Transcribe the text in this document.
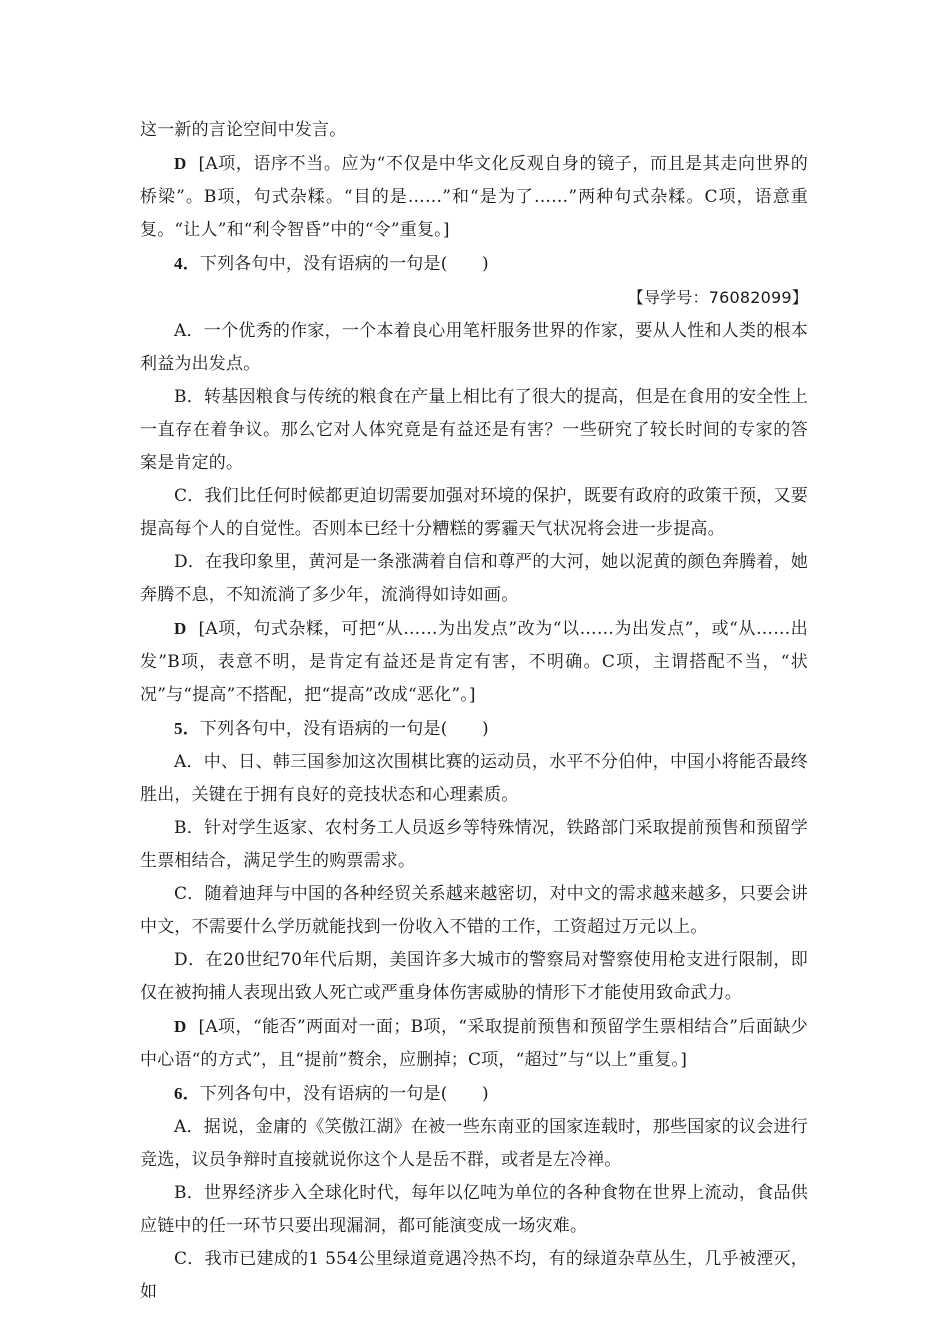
这一新的言论空间中发言。

D [A项，语序不当。应为“不仅是中华文化反观自身的镜子，而且是其走向世界的桥梁”。B项，句式杂糅。“目的是……”和“是为了……”两种句式杂糅。C项，语意重复。“让人”和“利令智昏”中的“令”重复。]

4．下列各句中，没有语病的一句是(　　)

【导学号：76082099】

A．一个优秀的作家，一个本着良心用笔杆服务世界的作家，要从人性和人类的根本利益为出发点。

B．转基因粮食与传统的粮食在产量上相比有了很大的提高，但是在食用的安全性上一直存在着争议。那么它对人体究竟是有益还是有害？一些研究了较长时间的专家的答案是肯定的。

C．我们比任何时候都更迫切需要加强对环境的保护，既要有政府的政策干预，又要提高每个人的自觉性。否则本已经十分糟糕的雾霾天气状况将会进一步提高。

D．在我印象里，黄河是一条涨满着自信和尊严的大河，她以泥黄的颜色奔腾着，她奔腾不息，不知流淌了多少年，流淌得如诗如画。

D [A项，句式杂糅，可把“从……为出发点”改为“以……为出发点”，或“从……出发”B项，表意不明，是肯定有益还是肯定有害，不明确。C项，主谓搭配不当，“状况”与“提高”不搭配，把“提高”改成“恶化”。]

5．下列各句中，没有语病的一句是(　　)

A．中、日、韩三国参加这次围棋比赛的运动员，水平不分伯仲，中国小将能否最终胜出，关键在于拥有良好的竞技状态和心理素质。

B．针对学生返家、农村务工人员返乡等特殊情况，铁路部门采取提前预售和预留学生票相结合，满足学生的购票需求。

C．随着迪拜与中国的各种经贸关系越来越密切，对中文的需求越来越多，只要会讲中文，不需要什么学历就能找到一份收入不错的工作，工资超过万元以上。

D．在20世纪70年代后期，美国许多大城市的警察局对警察使用枪支进行限制，即仅在被拘捕人表现出致人死亡或严重身体伤害威胁的情形下才能使用致命武力。

D [A项，“能否”两面对一面；B项，“采取提前预售和预留学生票相结合”后面缺少中心语“的方式”，且“提前”赘余，应删掉；C项，“超过”与“以上”重复。]

6．下列各句中，没有语病的一句是(　　)

A．据说，金庸的《笑傲江湖》在被一些东南亚的国家连载时，那些国家的议会进行竞选，议员争辩时直接就说你这个人是岳不群，或者是左冷禅。

B．世界经济步入全球化时代，每年以亿吨为单位的各种食物在世界上流动，食品供应链中的任一环节只要出现漏洞，都可能演变成一场灾难。

C．我市已建成的1 554公里绿道竟遇冷热不均，有的绿道杂草丛生，几乎被湮灭，如
